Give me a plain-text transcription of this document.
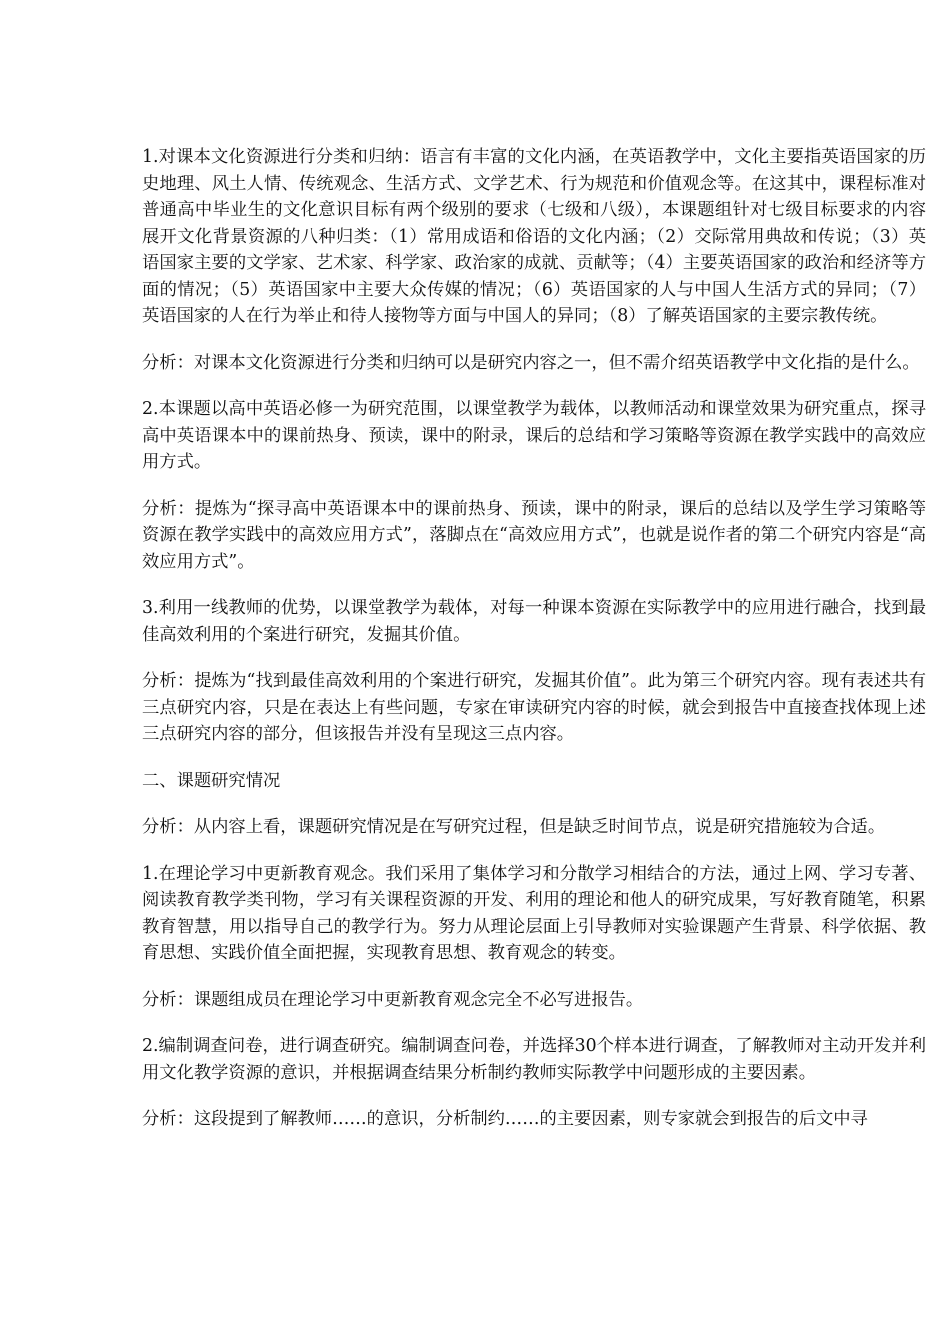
1.对课本文化资源进行分类和归纳：语言有丰富的文化内涵，在英语教学中，文化主要指英语国家的历史地理、风土人情、传统观念、生活方式、文学艺术、行为规范和价值观念等。在这其中，课程标准对普通高中毕业生的文化意识目标有两个级别的要求（七级和八级），本课题组针对七级目标要求的内容展开文化背景资源的八种归类：（1）常用成语和俗语的文化内涵；（2）交际常用典故和传说；（3）英语国家主要的文学家、艺术家、科学家、政治家的成就、贡献等；（4）主要英语国家的政治和经济等方面的情况；（5）英语国家中主要大众传媒的情况；（6）英语国家的人与中国人生活方式的异同；（7）英语国家的人在行为举止和待人接物等方面与中国人的异同；（8）了解英语国家的主要宗教传统。

分析：对课本文化资源进行分类和归纳可以是研究内容之一，但不需介绍英语教学中文化指的是什么。

2.本课题以高中英语必修一为研究范围，以课堂教学为载体，以教师活动和课堂效果为研究重点，探寻高中英语课本中的课前热身、预读，课中的附录，课后的总结和学习策略等资源在教学实践中的高效应用方式。

分析：提炼为“探寻高中英语课本中的课前热身、预读，课中的附录，课后的总结以及学生学习策略等资源在教学实践中的高效应用方式”，落脚点在“高效应用方式”，也就是说作者的第二个研究内容是“高效应用方式”。

3.利用一线教师的优势，以课堂教学为载体，对每一种课本资源在实际教学中的应用进行融合，找到最佳高效利用的个案进行研究，发掘其价值。

分析：提炼为“找到最佳高效利用的个案进行研究，发掘其价值”。此为第三个研究内容。现有表述共有三点研究内容，只是在表达上有些问题，专家在审读研究内容的时候，就会到报告中直接查找体现上述三点研究内容的部分，但该报告并没有呈现这三点内容。

二、课题研究情况

分析：从内容上看，课题研究情况是在写研究过程，但是缺乏时间节点，说是研究措施较为合适。

1.在理论学习中更新教育观念。我们采用了集体学习和分散学习相结合的方法，通过上网、学习专著、阅读教育教学类刊物，学习有关课程资源的开发、利用的理论和他人的研究成果，写好教育随笔，积累教育智慧，用以指导自己的教学行为。努力从理论层面上引导教师对实验课题产生背景、科学依据、教育思想、实践价值全面把握，实现教育思想、教育观念的转变。

分析：课题组成员在理论学习中更新教育观念完全不必写进报告。

2.编制调查问卷，进行调查研究。编制调查问卷，并选择30个样本进行调查，了解教师对主动开发并利用文化教学资源的意识，并根据调查结果分析制约教师实际教学中问题形成的主要因素。

分析：这段提到了解教师……的意识，分析制约……的主要因素，则专家就会到报告的后文中寻
